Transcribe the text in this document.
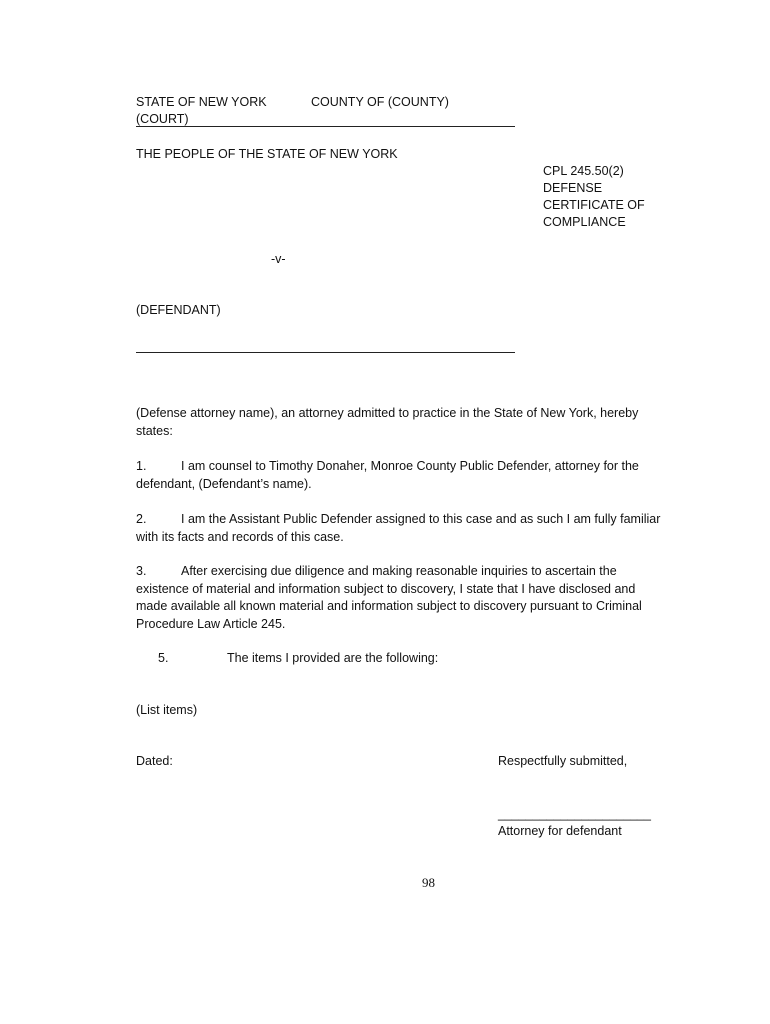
STATE OF NEW YORK	COUNTY OF (COUNTY)
(COURT)
THE PEOPLE OF THE STATE OF NEW YORK
CPL 245.50(2)
DEFENSE
CERTIFICATE OF
COMPLIANCE
-v-
(DEFENDANT)
(Defense attorney name), an attorney admitted to practice in the State of New York, hereby states:
1.	I am counsel to Timothy Donaher, Monroe County Public Defender, attorney for the defendant, (Defendant’s name).
2.	I am the Assistant Public Defender assigned to this case and as such I am fully familiar with its facts and records of this case.
3.	After exercising due diligence and making reasonable inquiries to ascertain the existence of material and information subject to discovery, I state that I have disclosed and made available all known material and information subject to discovery pursuant to Criminal Procedure Law Article 245.
5.	The items I provided are the following:
(List items)
Dated:	Respectfully submitted,
______________________
Attorney for defendant
98
